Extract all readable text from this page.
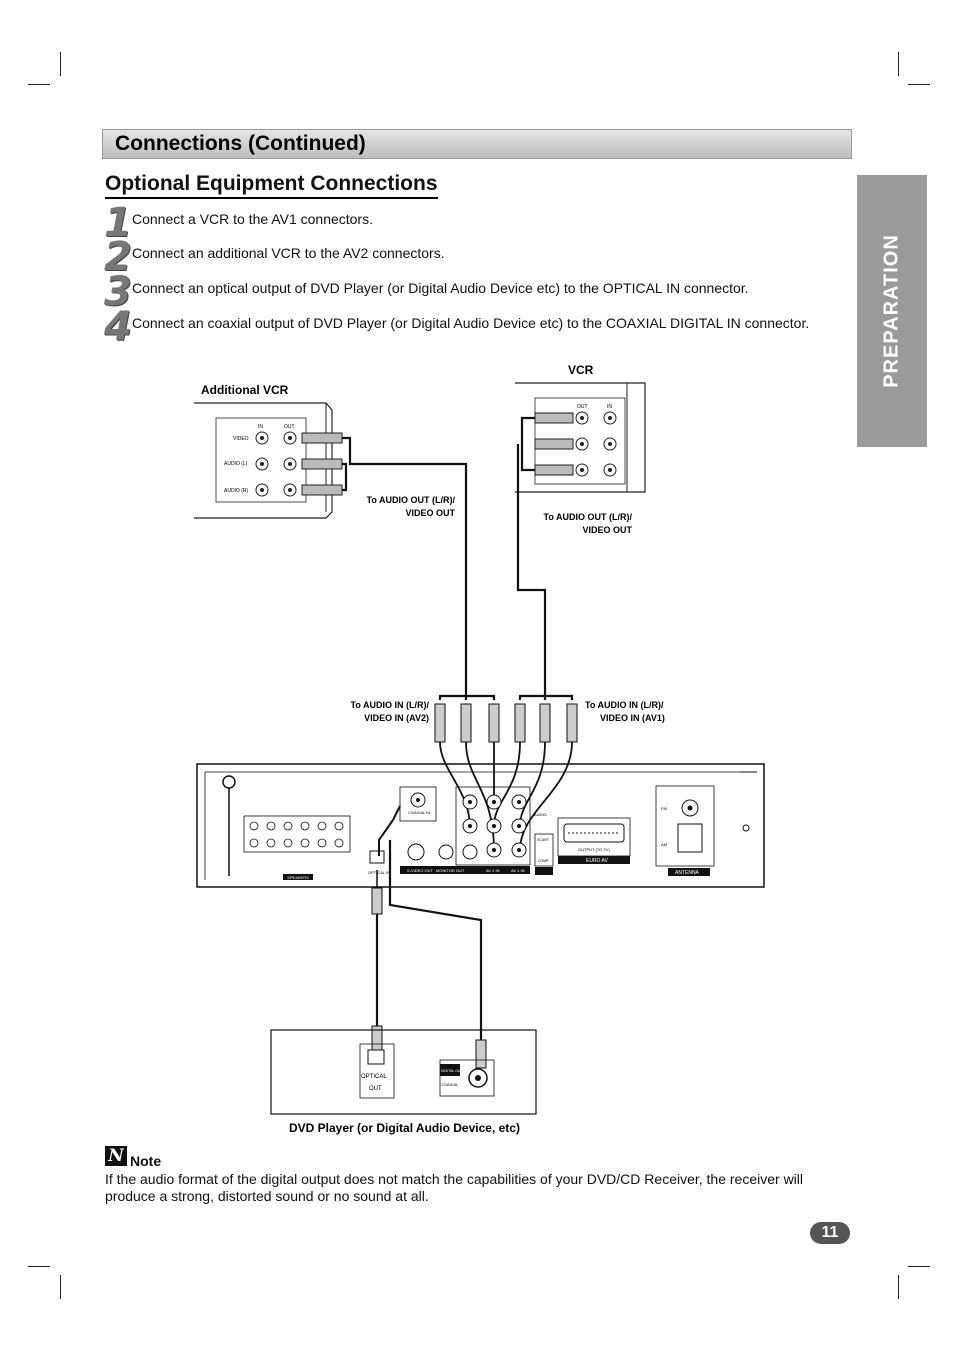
Connections (Continued)
Optional Equipment Connections
PREPARATION
1 Connect a VCR to the AV1 connectors.
2 Connect an additional VCR to the AV2 connectors.
3 Connect an optical output of DVD Player (or Digital Audio Device etc) to the OPTICAL IN connector.
4 Connect an coaxial output of DVD Player (or Digital Audio Device etc) to the COAXIAL DIGITAL IN connector.
VCR
Additional VCR
IN	OUT
VIDEO
AUDIO (L)
AUDIO (R)
OUT	IN
To AUDIO OUT (L/R)/
VIDEO OUT	To AUDIO OUT (L/R)/
VIDEO OUT
To AUDIO IN (L/R)/
VIDEO IN (AV2)
To AUDIO IN (L/R)/
VIDEO IN (AV1)
SPEAKERS
OPTICAL IN
COAXIAL IN
S-VIDEO OUT MONITOR OUT	AV 2 IN	AV 1 IN
AUDIO
SCART
COMP.
OUTPUT (TO TV)
EURO AV
FM
AM
ANTENNA
OPTICAL
OUT
DIGITAL OUT
COAXIAL
DVD Player (or Digital Audio Device, etc)
N Note
If the audio format of the digital output does not match the capabilities of your DVD/CD Receiver, the receiver will produce a strong, distorted sound or no sound at all.
11
